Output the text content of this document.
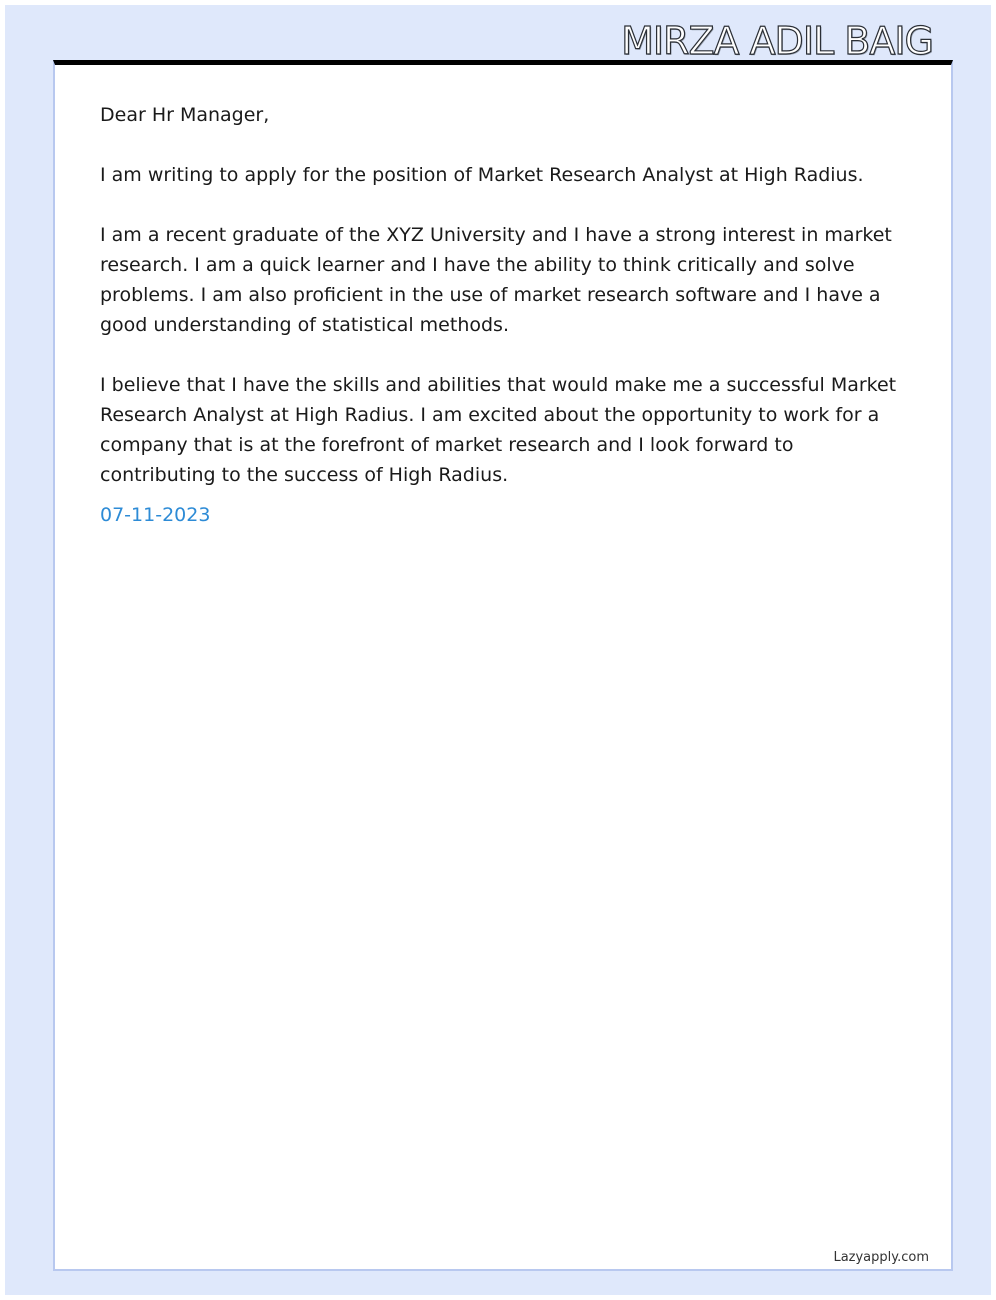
MIRZA ADIL BAIG

Dear Hr Manager,

I am writing to apply for the position of Market Research Analyst at High Radius.

I am a recent graduate of the XYZ University and I have a strong interest in market research. I am a quick learner and I have the ability to think critically and solve problems. I am also proficient in the use of market research software and I have a good understanding of statistical methods.

I believe that I have the skills and abilities that would make me a successful Market Research Analyst at High Radius. I am excited about the opportunity to work for a company that is at the forefront of market research and I look forward to contributing to the success of High Radius.

07-11-2023
Lazyapply.com
